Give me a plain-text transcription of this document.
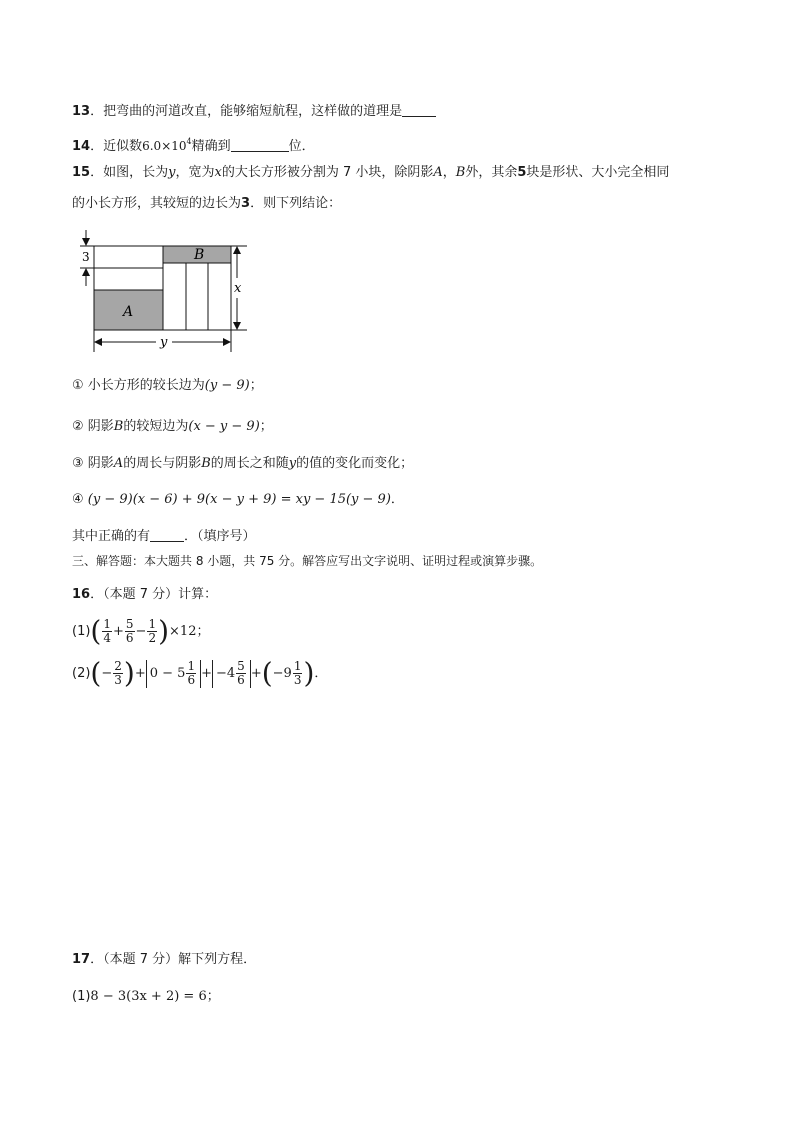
13．把弯曲的河道改直，能够缩短航程，这样做的道理是
14．近似数$6.0\times 10^4$精确到	位．
15．如图，长为y，宽为x的大长方形被分割为 7 小块，除阴影A，B外，其余5块是形状、大小完全相同
的小长方形，其较短的边长为3．则下列结论：
3
x
y
A
B
① 小长方形的较长边为(y − 9)；
② 阴影B的较短边为(x − y − 9)；
③ 阴影A的周长与阴影B的周长之和随y的值的变化而变化；
④ (y − 9)(x − 6) + 9(x − y + 9) = xy − 15(y − 9)．
其中正确的有	．（填序号）
三、解答题：本大题共 8 小题，共 75 分。解答应写出文字说明、证明过程或演算步骤。
16．（本题 7 分）计算：
$(1)( \frac{1}{4} + \frac{5}{6} - \frac{1}{2} )\times 12$；
$(2)(- \frac{2}{3}$ )+ $0 - 5 \frac{1}{6} + -4 \frac{5}{6} +(-9 \frac{1}{3}$ )．
17．（本题 7 分）解下列方程．
(1)8 − 3(3x + 2) = 6；
